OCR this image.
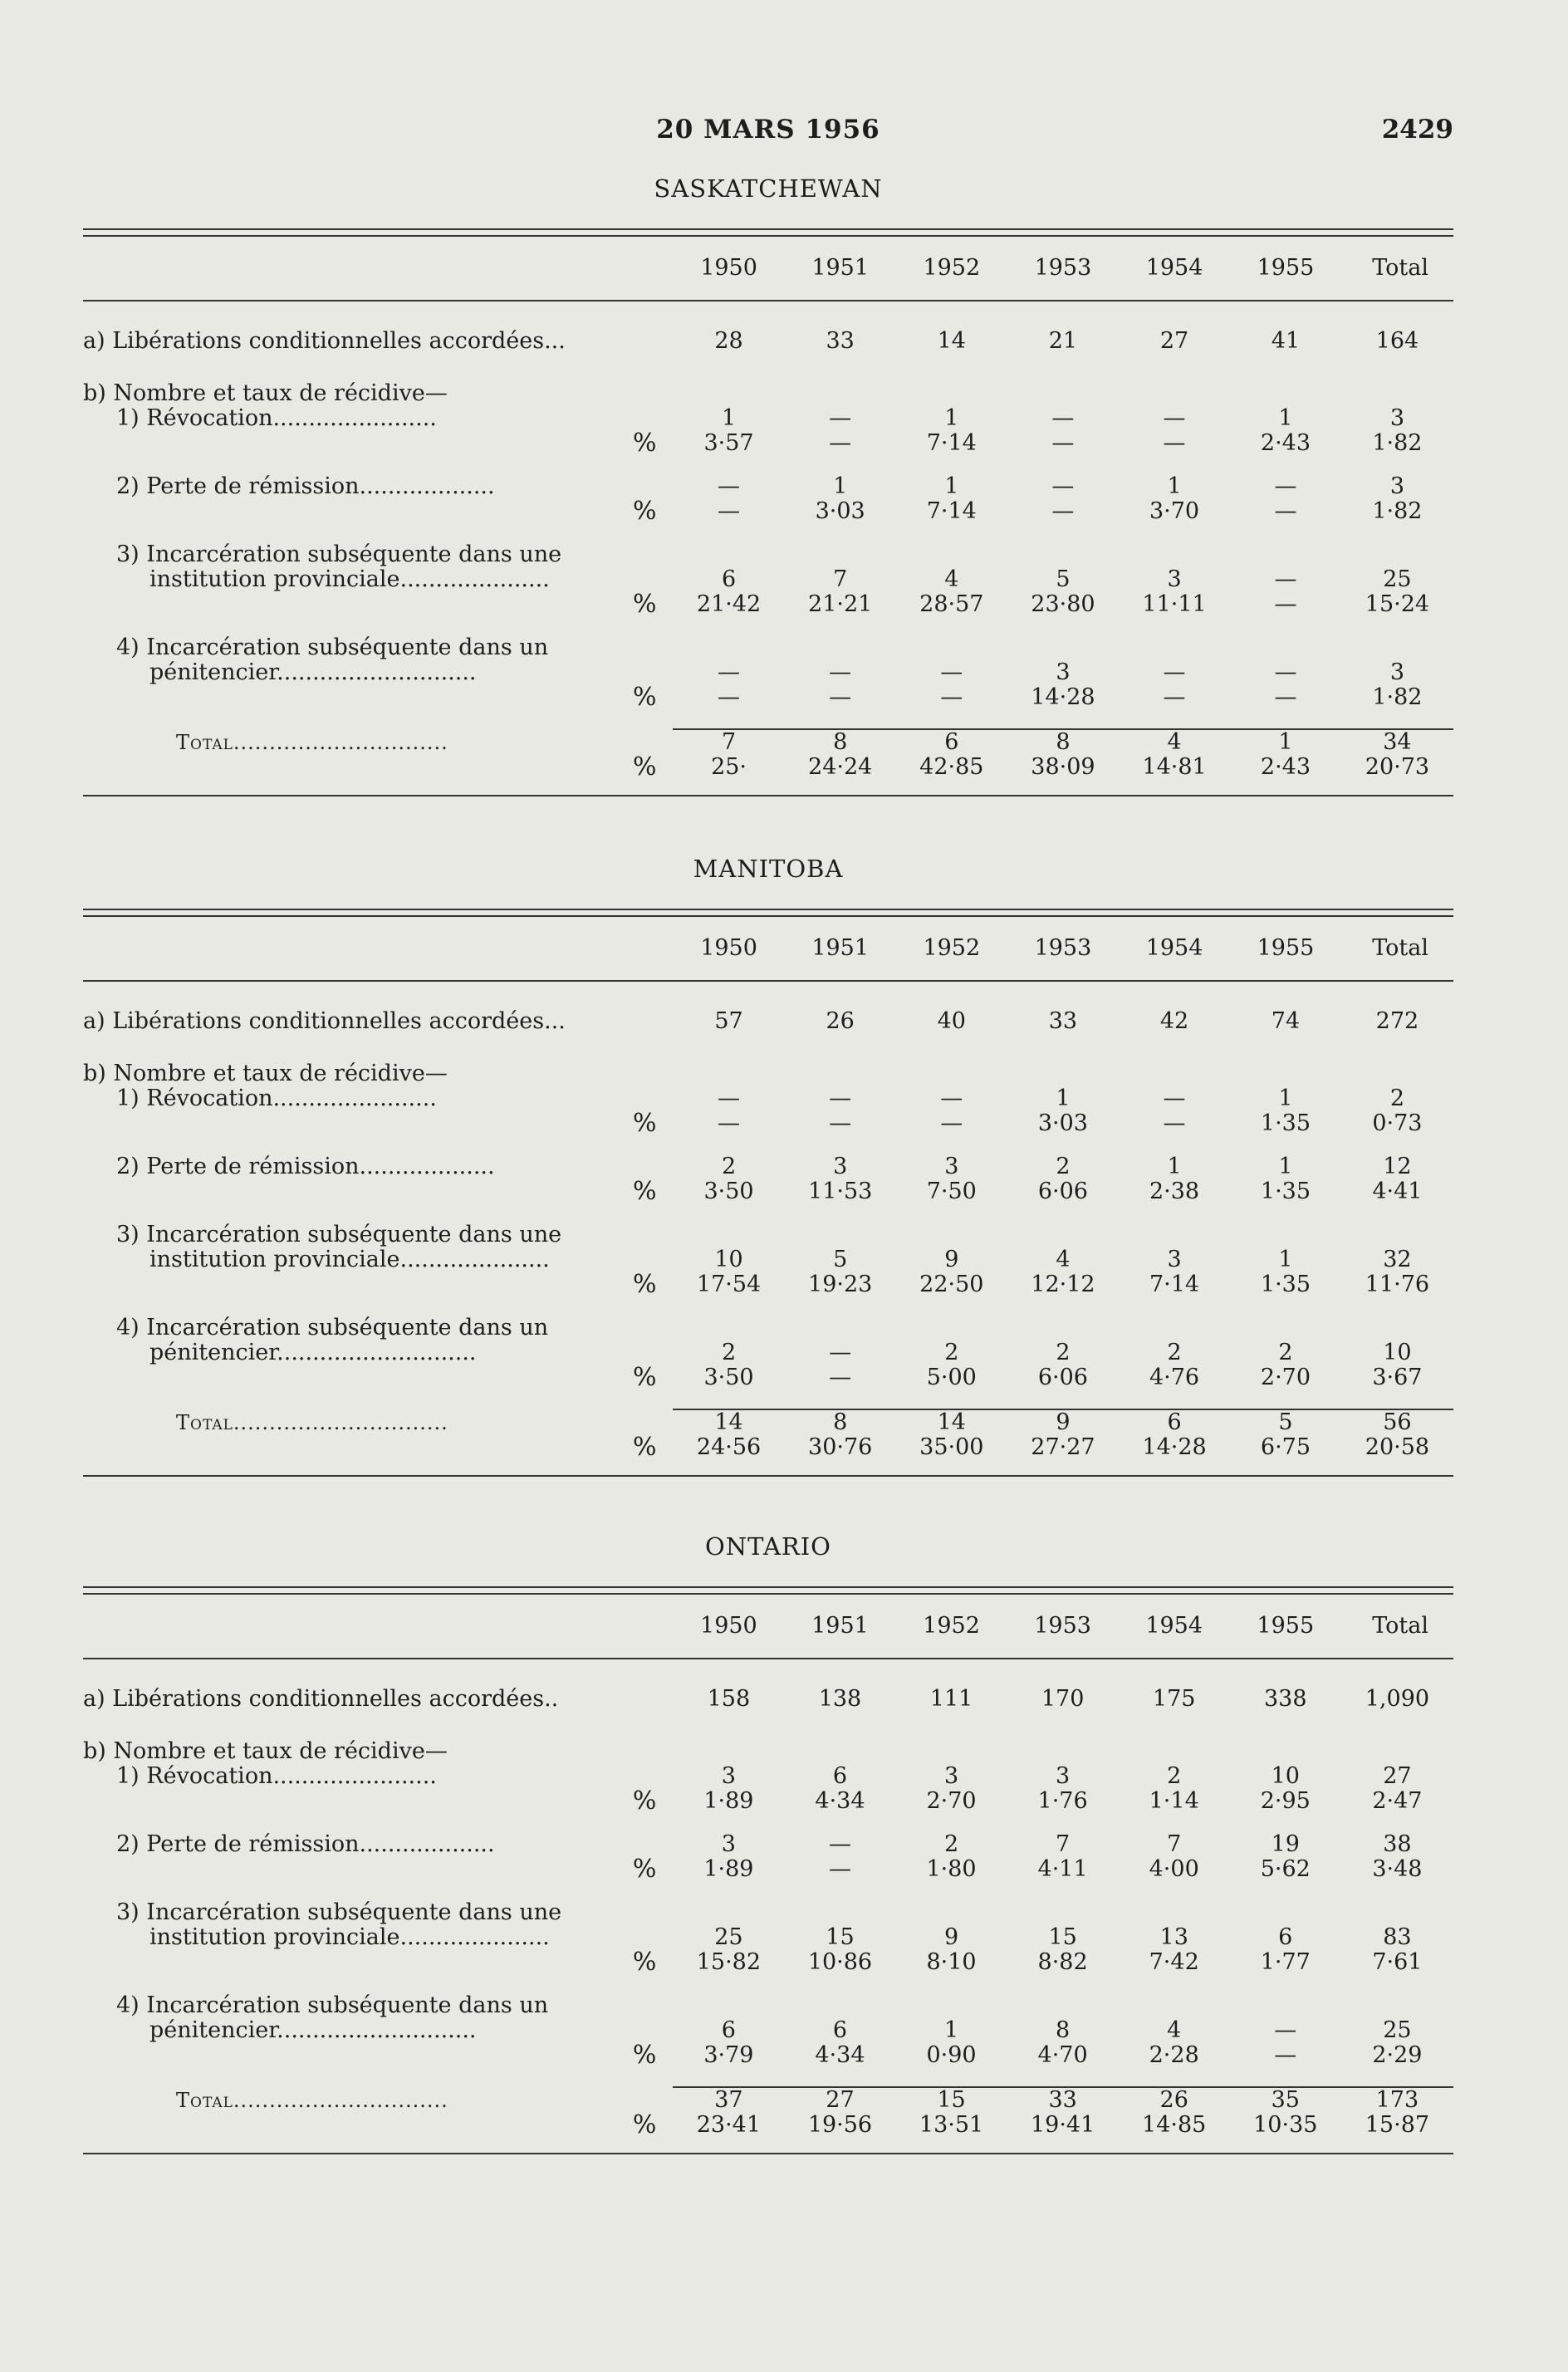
20 MARS 1956	2429
SASKATCHEWAN
		1950	1951	1952	1953	1954	1955	Total

a) Libérations conditionnelles accordées...		28	33	14	21	27	41	164
b) Nombre et taux de récidive—								

1) Révocation.......................		1	—	1	—	—	1	3
	%	3·57	—	7·14	—	—	2·43	1·82

2) Perte de rémission...................		—	1	1	—	1	—	3
	%	—	3·03	7·14	—	3·70	—	1·82

3) Incarcération subséquente dans une
institution provinciale.....................		6	7	4	5	3	—	25
	%	21·42	21·21	28·57	23·80	11·11	—	15·24

4) Incarcération subséquente dans un
pénitencier............................		—	—	—	3	—	—	3
	%	—	—	—	14·28	—	—	1·82

Total..............................		7	8	6	8	4	1	34
	%	25·	24·24	42·85	38·09	14·81	2·43	20·73
MANITOBA
		1950	1951	1952	1953	1954	1955	Total

a) Libérations conditionnelles accordées...		57	26	40	33	42	74	272
b) Nombre et taux de récidive—								

1) Révocation.......................		—	—	—	1	—	1	2
	%	—	—	—	3·03	—	1·35	0·73

2) Perte de rémission...................		2	3	3	2	1	1	12
	%	3·50	11·53	7·50	6·06	2·38	1·35	4·41

3) Incarcération subséquente dans une
institution provinciale.....................		10	5	9	4	3	1	32
	%	17·54	19·23	22·50	12·12	7·14	1·35	11·76

4) Incarcération subséquente dans un
pénitencier............................		2	—	2	2	2	2	10
	%	3·50	—	5·00	6·06	4·76	2·70	3·67

Total..............................		14	8	14	9	6	5	56
	%	24·56	30·76	35·00	27·27	14·28	6·75	20·58
ONTARIO
		1950	1951	1952	1953	1954	1955	Total

a) Libérations conditionnelles accordées..		158	138	111	170	175	338	1,090
b) Nombre et taux de récidive—								

1) Révocation.......................		3	6	3	3	2	10	27
	%	1·89	4·34	2·70	1·76	1·14	2·95	2·47

2) Perte de rémission...................		3	—	2	7	7	19	38
	%	1·89	—	1·80	4·11	4·00	5·62	3·48

3) Incarcération subséquente dans une
institution provinciale.....................		25	15	9	15	13	6	83
	%	15·82	10·86	8·10	8·82	7·42	1·77	7·61

4) Incarcération subséquente dans un
pénitencier............................		6	6	1	8	4	—	25
	%	3·79	4·34	0·90	4·70	2·28	—	2·29

Total..............................		37	27	15	33	26	35	173
	%	23·41	19·56	13·51	19·41	14·85	10·35	15·87
